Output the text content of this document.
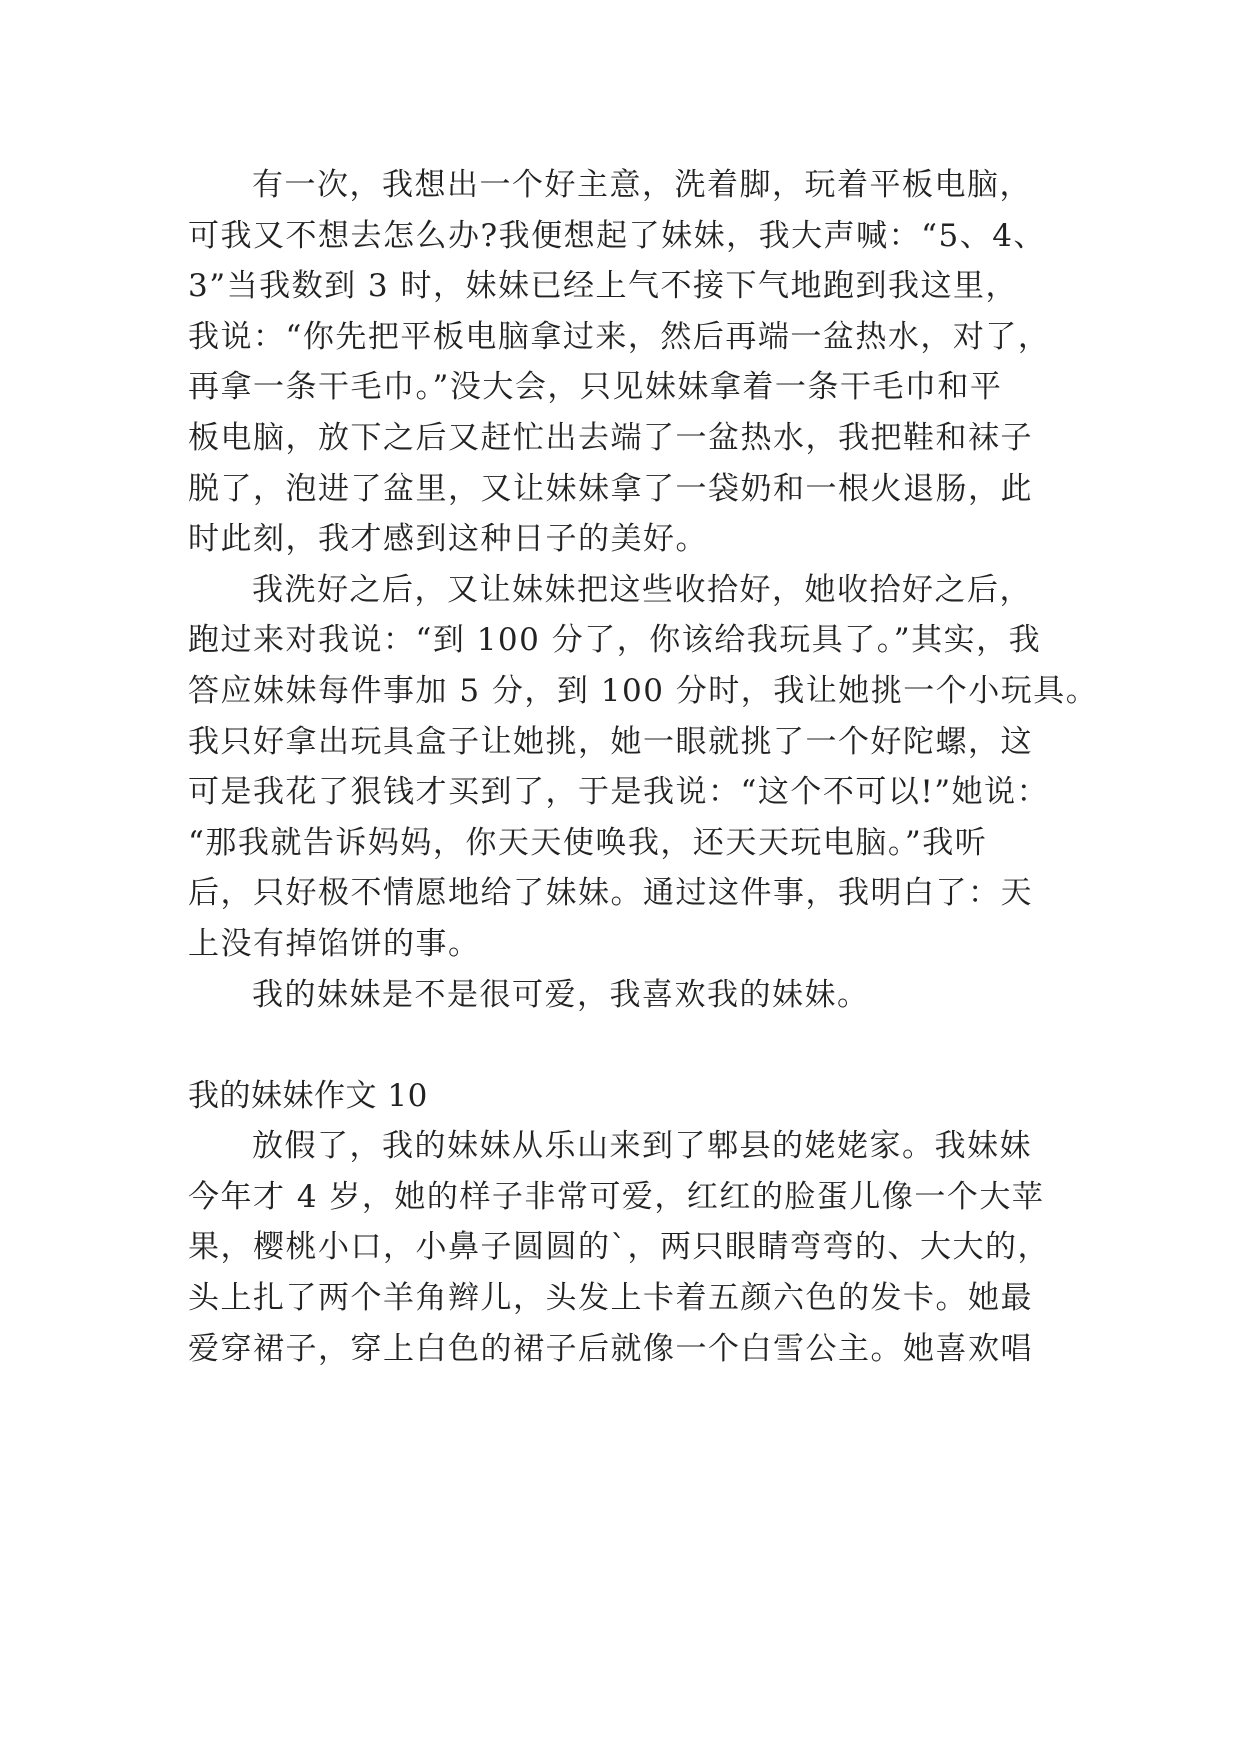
有一次，我想出一个好主意，洗着脚，玩着平板电脑，
可我又不想去怎么办?我便想起了妹妹，我大声喊：“5、4、
3”当我数到 3 时，妹妹已经上气不接下气地跑到我这里，
我说：“你先把平板电脑拿过来，然后再端一盆热水，对了，
再拿一条干毛巾。”没大会，只见妹妹拿着一条干毛巾和平
板电脑，放下之后又赶忙出去端了一盆热水，我把鞋和袜子
脱了，泡进了盆里，又让妹妹拿了一袋奶和一根火退肠，此
时此刻，我才感到这种日子的美好。
我洗好之后，又让妹妹把这些收拾好，她收拾好之后，
跑过来对我说：“到 100 分了，你该给我玩具了。”其实，我
答应妹妹每件事加 5 分，到 100 分时，我让她挑一个小玩具。
我只好拿出玩具盒子让她挑，她一眼就挑了一个好陀螺，这
可是我花了狠钱才买到了，于是我说：“这个不可以!”她说：
“那我就告诉妈妈，你天天使唤我，还天天玩电脑。”我听
后，只好极不情愿地给了妹妹。通过这件事，我明白了：天
上没有掉馅饼的事。
我的妹妹是不是很可爱，我喜欢我的妹妹。
我的妹妹作文 10
放假了，我的妹妹从乐山来到了郫县的姥姥家。我妹妹
今年才 4 岁，她的样子非常可爱，红红的脸蛋儿像一个大苹
果，樱桃小口，小鼻子圆圆的`，两只眼睛弯弯的、大大的，
头上扎了两个羊角辫儿，头发上卡着五颜六色的发卡。她最
爱穿裙子，穿上白色的裙子后就像一个白雪公主。她喜欢唱
